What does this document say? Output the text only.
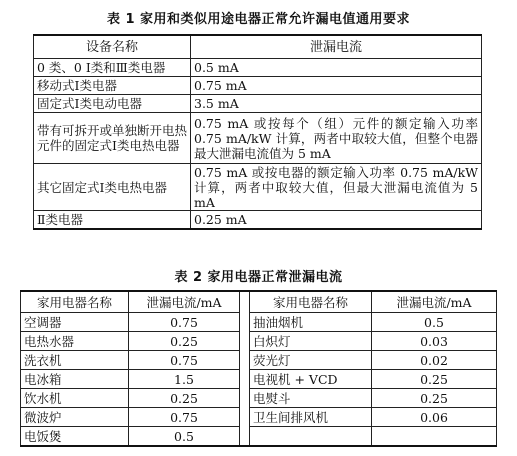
表 1 家用和类似用途电器正常允许漏电值通用要求
设备名称	泄漏电流
0 类、0 Ⅰ类和Ⅲ类电器	0.5 mA
移动式Ⅰ类电器	0.75 mA
固定式Ⅰ类电动电器	3.5 mA
带有可拆开或单独断开电热元件的固定式Ⅰ类电热电器	0.75 mA 或按每个（组）元件的额定输入功率 0.75 mA/kW 计算，两者中取较大值，但整个电器最大泄漏电流值为 5 mA
其它固定式Ⅰ类电热电器	0.75 mA 或按电器的额定输入功率 0.75 mA/kW 计算，两者中取较大值，但最大泄漏电流值为 5 mA
Ⅱ类电器	0.25 mA
表 2 家用电器正常泄漏电流
家用电器名称	泄漏电流/mA		家用电器名称	泄漏电流/mA
空调器	0.75		抽油烟机	0.5
电热水器	0.25		白炽灯	0.03
洗衣机	0.75		荧光灯	0.02
电冰箱	1.5		电视机 + VCD	0.25
饮水机	0.25		电熨斗	0.25
微波炉	0.75		卫生间排风机	0.06
电饭煲	0.5			
